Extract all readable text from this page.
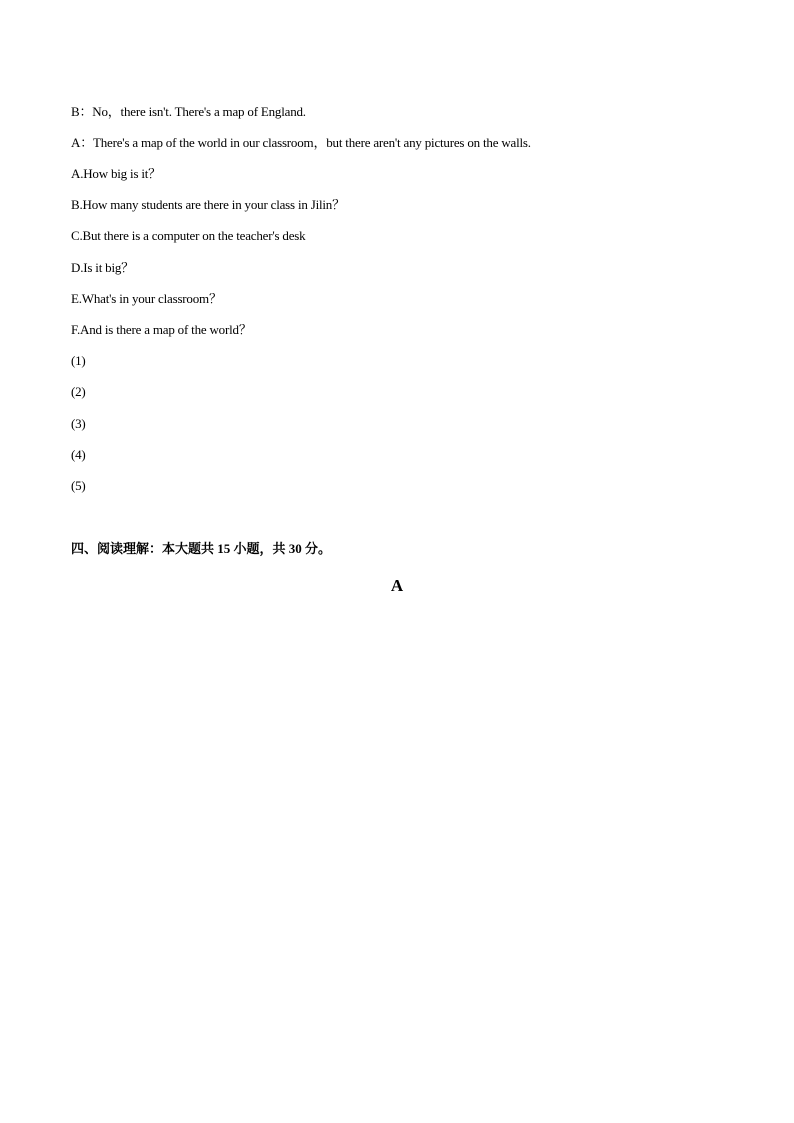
B：No，there isn't. There's a map of England.
A：There's a map of the world in our classroom，but there aren't any pictures on the walls.
A.How big is it？
B.How many students are there in your class in Jilin？
C.But there is a computer on the teacher's desk
D.Is it big？
E.What's in your classroom？
F.And is there a map of the world？
(1)
(2)
(3)
(4)
(5)
四、阅读理解：本大题共 15 小题，共 30 分。
A
